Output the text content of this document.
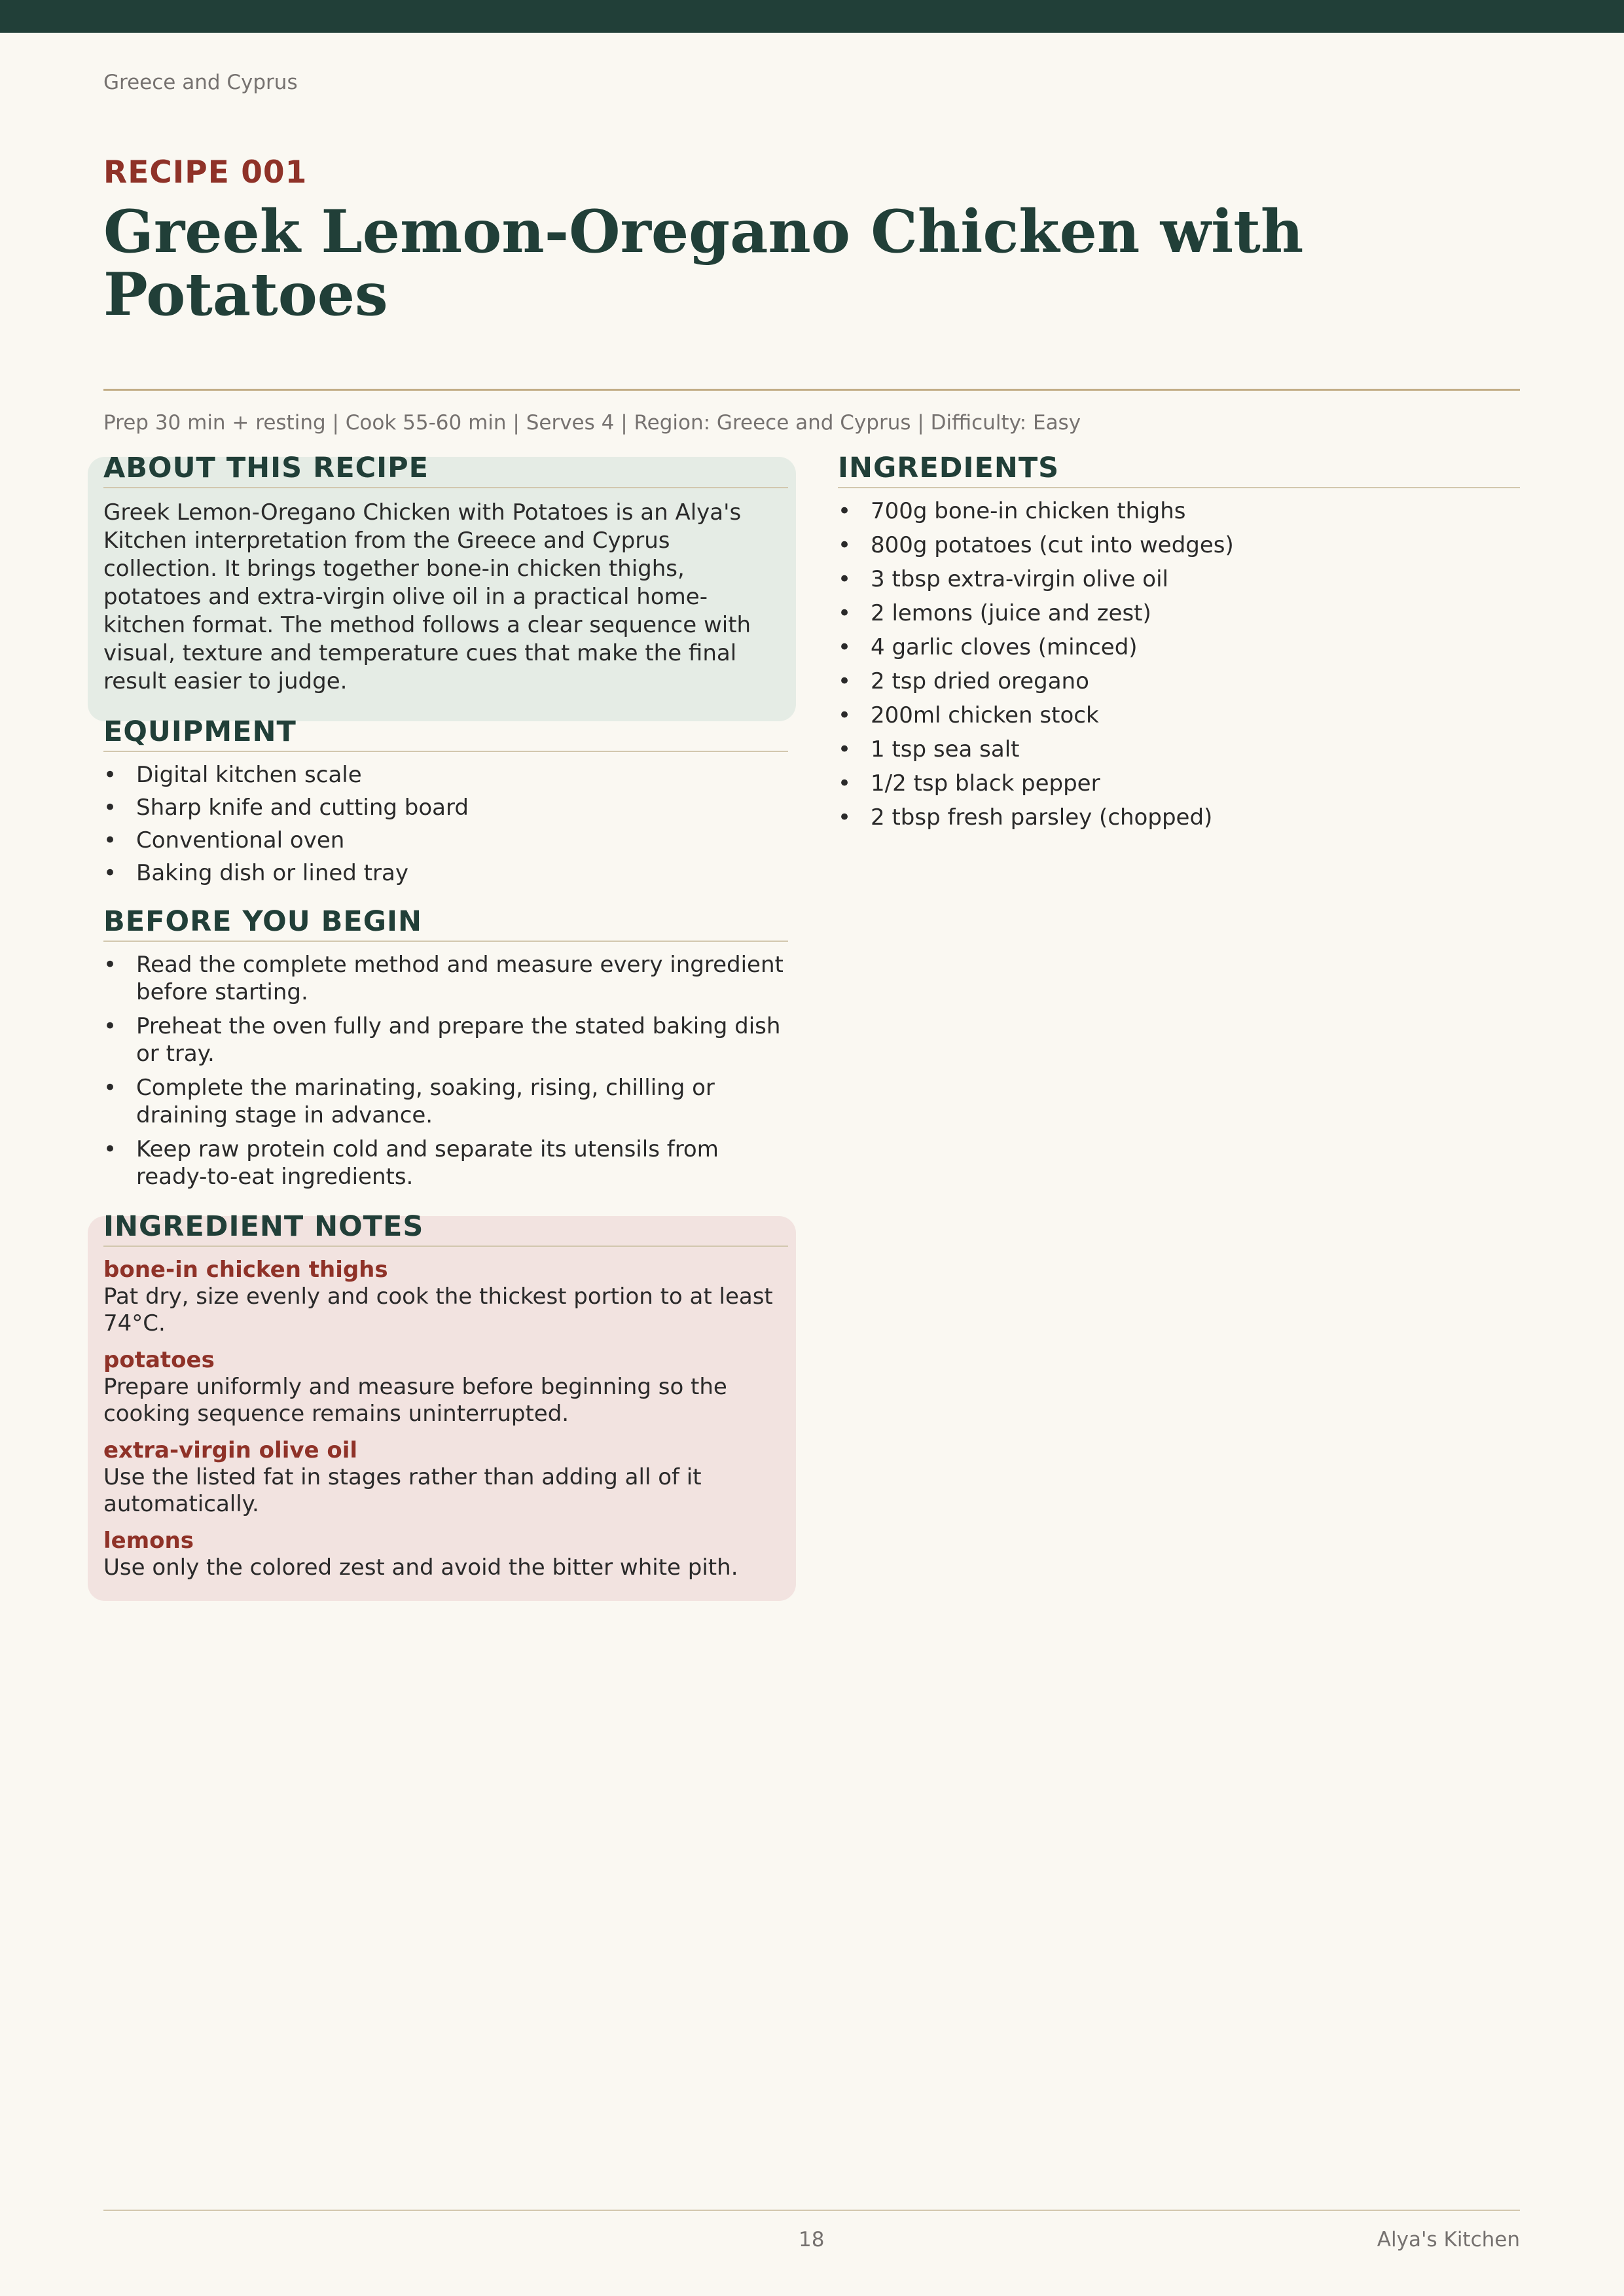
Greece and Cyprus
RECIPE 001
Greek Lemon-Oregano Chicken with Potatoes
Prep 30 min + resting | Cook 55-60 min | Serves 4 | Region: Greece and Cyprus | Difficulty: Easy
ABOUT THIS RECIPE

Greek Lemon-Oregano Chicken with Potatoes is an Alya's Kitchen interpretation from the Greece and Cyprus collection. It brings together bone-in chicken thighs, potatoes and extra-virgin olive oil in a practical home-kitchen format. The method follows a clear sequence with visual, texture and temperature cues that make the final result easier to judge.

EQUIPMENT
• Digital kitchen scale
• Sharp knife and cutting board
• Conventional oven
• Baking dish or lined tray
BEFORE YOU BEGIN
• Read the complete method and measure every ingredient before starting.
• Preheat the oven fully and prepare the stated baking dish or tray.
• Complete the marinating, soaking, rising, chilling or draining stage in advance.
• Keep raw protein cold and separate its utensils from ready-to-eat ingredients.
INGREDIENT NOTES
bone-in chicken thighs
Pat dry, size evenly and cook the thickest portion to at least 74°C.
potatoes
Prepare uniformly and measure before beginning so the cooking sequence remains uninterrupted.
extra-virgin olive oil
Use the listed fat in stages rather than adding all of it automatically.
lemons
Use only the colored zest and avoid the bitter white pith.
INGREDIENTS
• 700g bone-in chicken thighs
• 800g potatoes (cut into wedges)
• 3 tbsp extra-virgin olive oil
• 2 lemons (juice and zest)
• 4 garlic cloves (minced)
• 2 tsp dried oregano
• 200ml chicken stock
• 1 tsp sea salt
• 1/2 tsp black pepper
• 2 tbsp fresh parsley (chopped)
18	Alya's Kitchen
